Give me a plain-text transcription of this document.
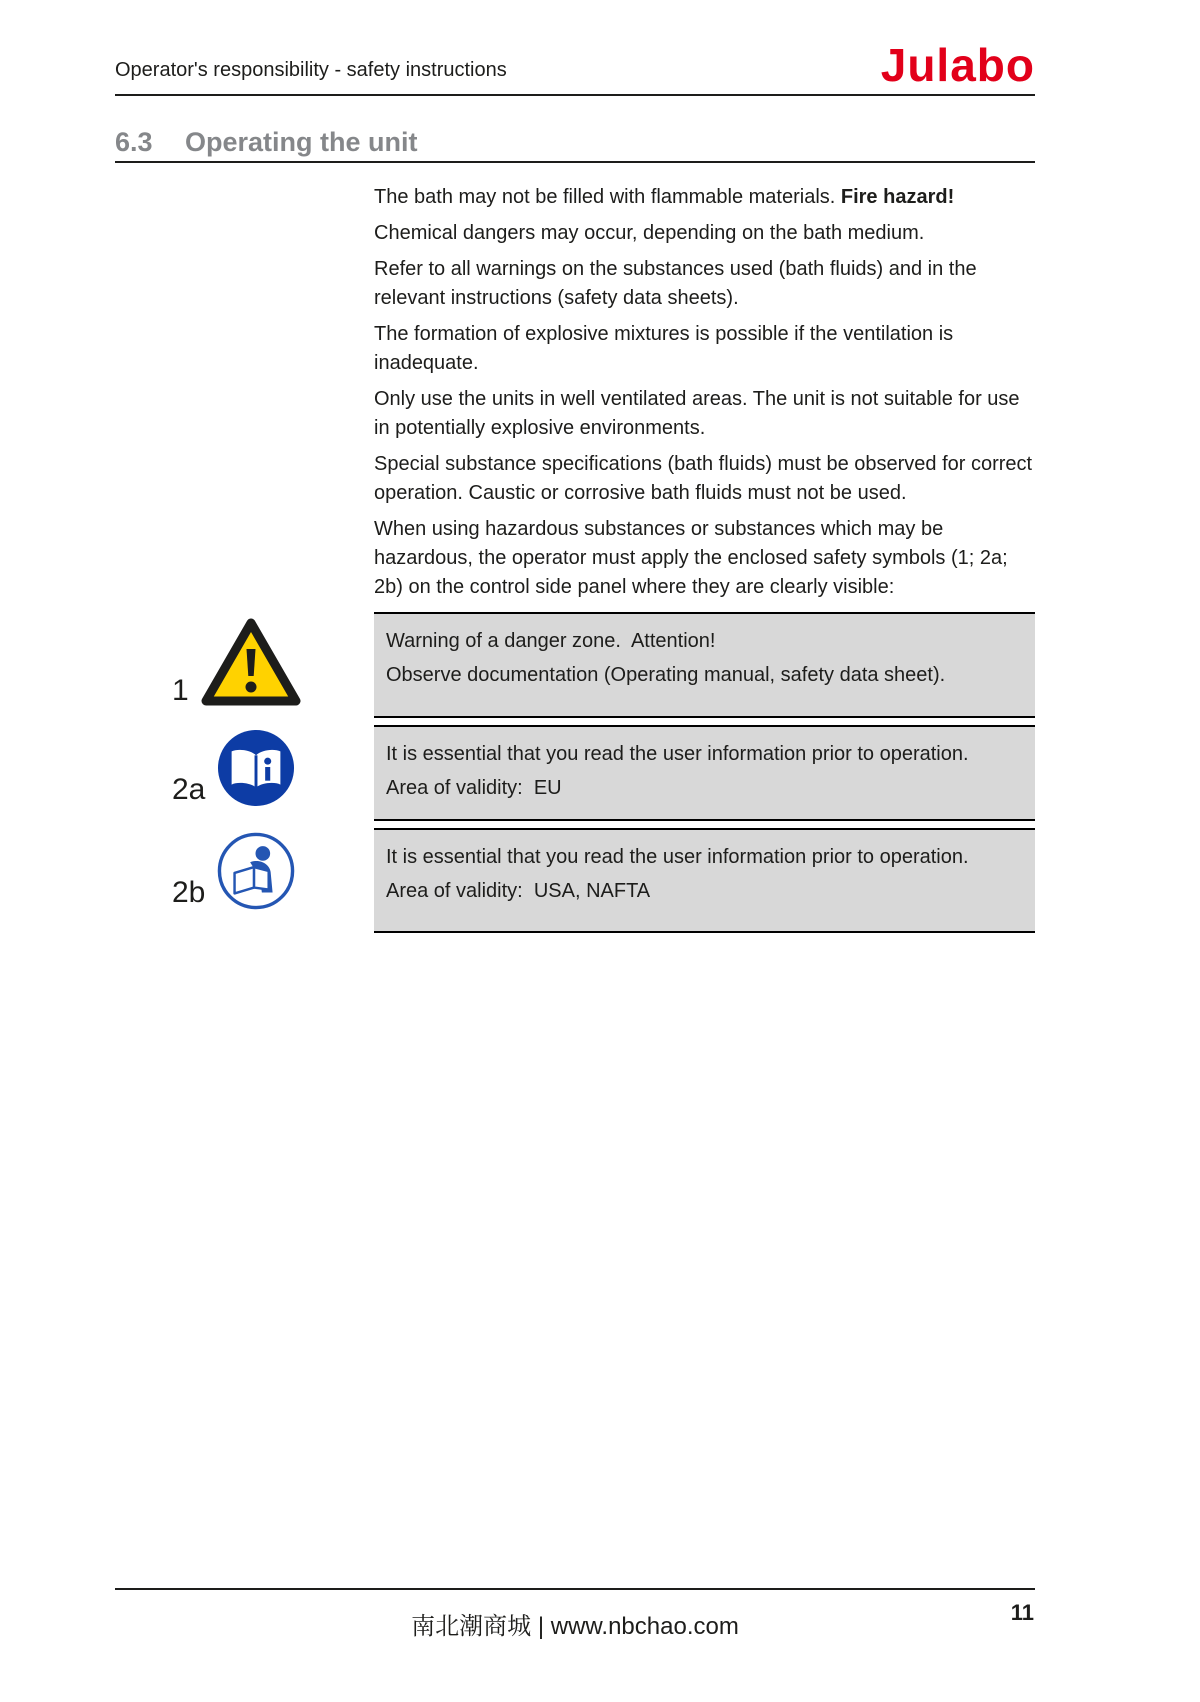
Operator's responsibility - safety instructions	Julabo
6.3 Operating the unit

The bath may not be filled with flammable materials. Fire hazard!

Chemical dangers may occur, depending on the bath medium.

Refer to all warnings on the substances used (bath fluids) and in the relevant instructions (safety data sheets).

The formation of explosive mixtures is possible if the ventilation is inadequate.

Only use the units in well ventilated areas. The unit is not suitable for use in potentially explosive environments.

Special substance specifications (bath fluids) must be observed for correct operation. Caustic or corrosive bath fluids must not be used.

When using hazardous substances or substances which may be hazardous, the operator must apply the enclosed safety symbols (1; 2a; 2b) on the control side panel where they are clearly visible:

Warning of a danger zone.  Attention!

Observe documentation (Operating manual, safety data sheet).

1

It is essential that you read the user information prior to operation.

Area of validity:  EU

2a

It is essential that you read the user information prior to operation.

Area of validity:  USA, NAFTA

2b
南北潮商城 | www.nbchao.com
11
